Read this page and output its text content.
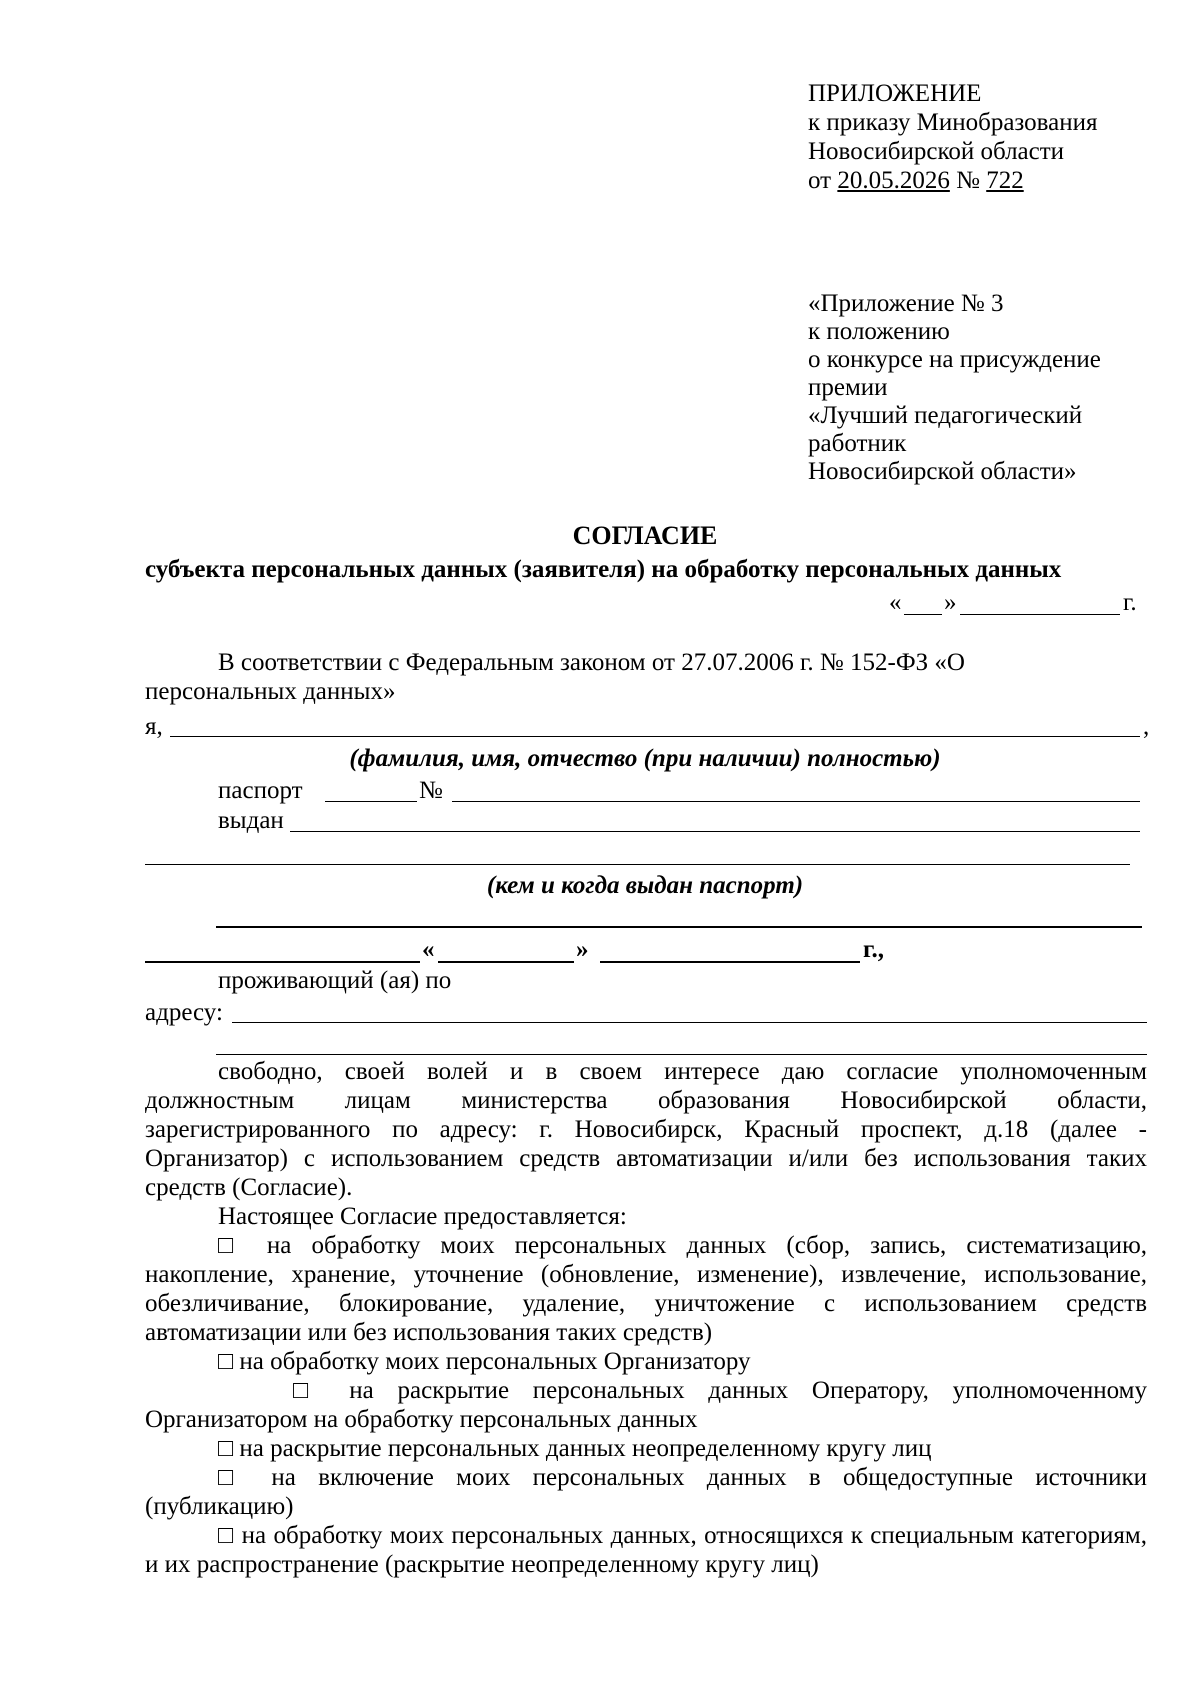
ПРИЛОЖЕНИЕ
к приказу Минобразования
Новосибирской области
от 20.05.2026 № 722
«Приложение № 3
к положению
о конкурсе на присуждение
премии
«Лучший педагогический
работник
Новосибирской области»
СОГЛАСИЕ
субъекта персональных данных (заявителя) на обработку персональных данных
« »	г.
В соответствии с Федеральным законом от 27.07.2006 г. № 152-ФЗ «О
персональных данных»
я,	,
(фамилия, имя, отчество (при наличии) полностью)
паспорт	№
выдан
(кем и когда выдан паспорт)
«	»	г.,
проживающий (ая) по
адресу:
свободно, своей волей и в своем интересе даю согласие уполномоченным
должностным лицам министерства образования Новосибирской области, зарегистрированного по адресу: г. Новосибирск, Красный проспект, д.18 (далее - Организатор) с использованием средств автоматизации и/или без использования таких средств (Согласие).
Настоящее Согласие предоставляется:
□ на обработку моих персональных данных (сбор, запись, систематизацию, накопление, хранение, уточнение (обновление, изменение), извлечение, использование, обезличивание, блокирование, удаление, уничтожение с использованием средств автоматизации или без использования таких средств)
□ на обработку моих персональных Организатору
□ на раскрытие персональных данных Оператору, уполномоченному Организатором на обработку персональных данных
□ на раскрытие персональных данных неопределенному кругу лиц
□ на включение моих персональных данных в общедоступные источники (публикацию)
□ на обработку моих персональных данных, относящихся к специальным категориям, и их распространение (раскрытие неопределенному кругу лиц)
